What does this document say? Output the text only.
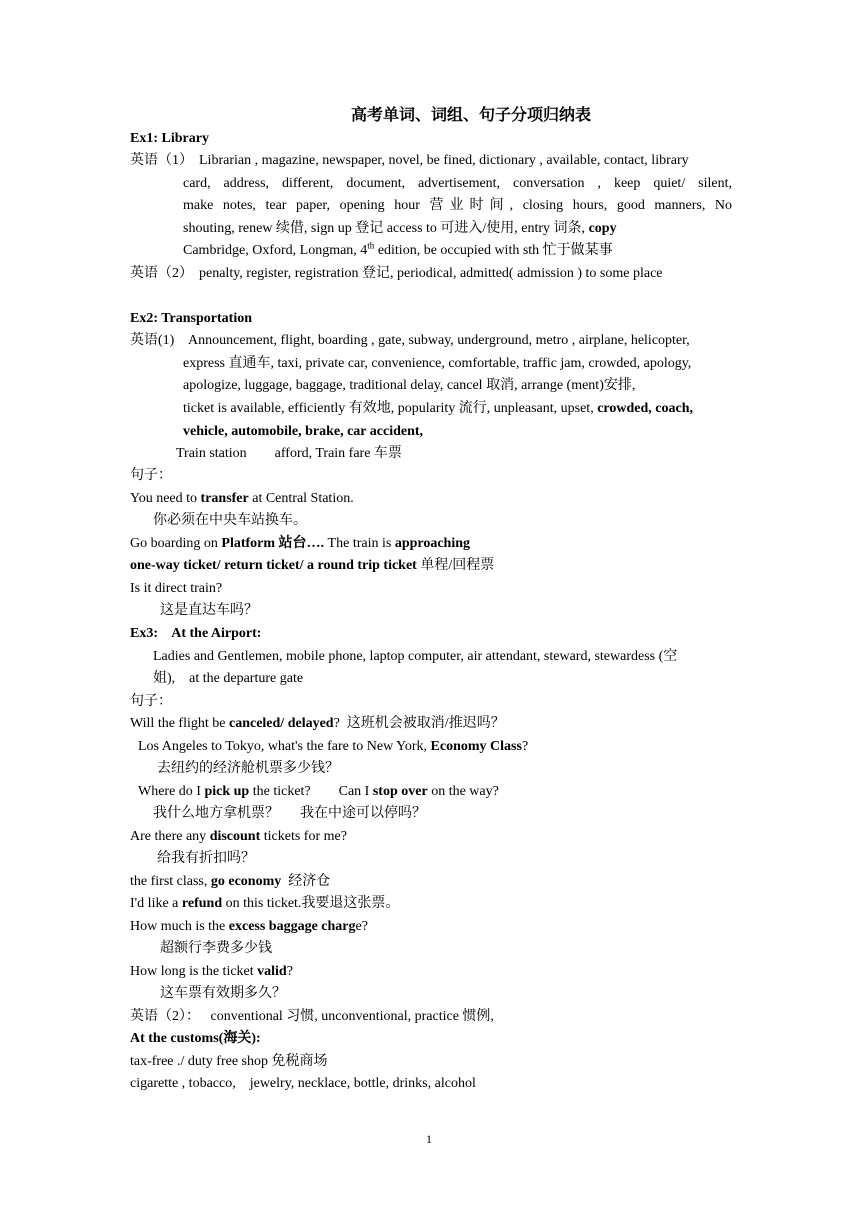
高考单词、词组、句子分项归纳表
Ex1: Library
英语（1） Librarian , magazine, newspaper, novel, be fined, dictionary , available, contact, library
card, address, different, document, advertisement, conversation , keep quiet/ silent,
make notes, tear paper, opening hour 营业时间, closing hours, good manners, No
shouting, renew 续借, sign up 登记 access to 可进入/使用, entry 词条, copy
Cambridge, Oxford, Longman, 4th edition, be occupied with sth 忙于做某事
英语（2） penalty, register, registration 登记, periodical, admitted( admission ) to some place
Ex2: Transportation
英语(1) Announcement, flight, boarding , gate, subway, underground, metro , airplane, helicopter,
express 直通车, taxi, private car, convenience, comfortable, traffic jam, crowded, apology,
apologize, luggage, baggage, traditional delay, cancel 取消, arrange (ment)安排,
ticket is available, efficiently 有效地, popularity 流行, unpleasant, upset, crowded, coach,
vehicle, automobile, brake, car accident,
Train station        afford, Train fare 车票
句子：
You need to transfer at Central Station.
你必须在中央车站换车。
Go boarding on Platform 站台…. The train is approaching
one-way ticket/ return ticket/ a round trip ticket 单程/回程票
Is it direct train?
这是直达车吗？
Ex3:    At the Airport:
Ladies and Gentlemen, mobile phone, laptop computer, air attendant, steward, stewardess (空
姐),    at the departure gate
句子：
Will the flight be canceled/ delayed?  这班机会被取消/推迟吗？
Los Angeles to Tokyo, what's the fare to New York, Economy Class?
去纽约的经济舱机票多少钱？
Where do I pick up the ticket?        Can I stop over on the way?
我什么地方拿机票？      我在中途可以停吗？
Are there any discount tickets for me?
给我有折扣吗？
the first class, go economy  经济仓
I'd like a refund on this ticket.我要退这张票。
How much is the excess baggage charge?
超额行李费多少钱
How long is the ticket valid?
这车票有效期多久？
英语（2）：   conventional 习惯, unconventional, practice 惯例,
At the customs(海关):
tax-free ./ duty free shop 免税商场
cigarette , tobacco,    jewelry, necklace, bottle, drinks, alcohol
1
